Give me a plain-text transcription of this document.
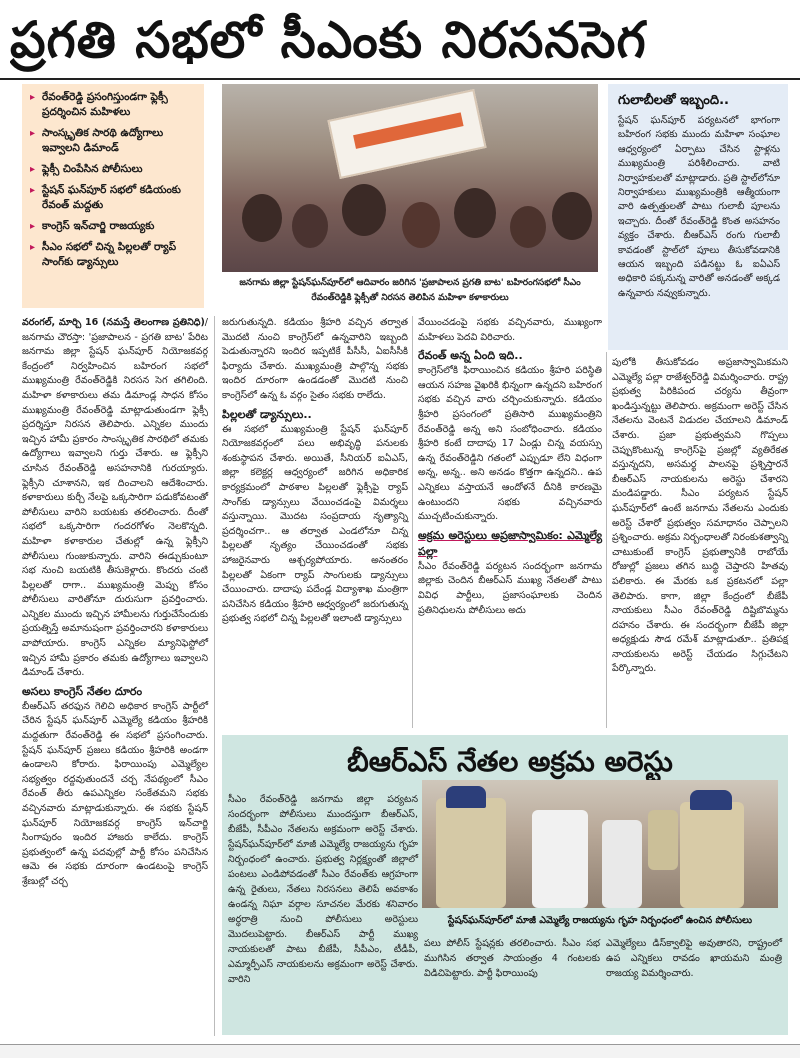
ప్రగతి సభలో సీఎంకు నిరసనసెగ
▸ రేవంత్‌రెడ్డి ప్రసంగిస్తుండగా ఫ్లెక్సీ ప్రదర్శించిన మహిళలు
▸ సాంస్కృతిక సారథి ఉద్యోగాలు ఇవ్వాలని డిమాండ్‌
▸ ఫ్లెక్సీ చింపేసిన పోలీసులు
▸ స్టేషన్‌ ఘన్‌పూర్‌ సభలో కడియంకు రేవంత్‌ మద్దతు
▸ కాంగ్రెస్‌ ఇన్‌చార్జి రాజయ్యకు
▸ సీఎం సభలో చిన్న పిల్లలతో ర్యాప్‌ సాంగ్‌కు డ్యాన్సులు
జనగామ జిల్లా స్టేషన్‌ఘన్‌పూర్‌లో ఆదివారం జరిగిన 'ప్రజాపాలన ప్రగతి బాట' బహిరంగసభలో సీఎం రేవంత్‌రెడ్డికి ఫ్లెక్సీతో నిరసన తెలిపిన మహిళా కళాకారులు
గులాబీలతో ఇబ్బంది..
స్టేషన్‌ ఘన్‌పూర్‌ పర్యటనలో భాగంగా బహిరంగ సభకు ముందు మహిళా సంఘాల ఆధ్వర్యంలో ఏర్పాటు చేసిన స్టాళ్లను ముఖ్యమంత్రి పరిశీలించారు. వాటి నిర్వాహకులతో మాట్లాడారు. ప్రతి స్టాల్‌లోనూ నిర్వాహకులు ముఖ్యమంత్రికి ఆత్మీయంగా వారి ఉత్పత్తులతో పాటు గులాబీ పూలను ఇచ్చారు. దీంతో రేవంత్‌రెడ్డి కొంత అసహనం వ్యక్తం చేశారు. బీఆర్‌ఎస్‌ రంగు గులాబీ కావడంతో స్టాల్‌లో పూలు తీసుకోవడానికి ఆయన ఇబ్బంది పడినట్టు ఓ ఐఏఎస్‌ అధికారి పక్కనున్న వారితో అనడంతో అక్కడ ఉన్నవారు నవ్వుకున్నారు.

వరంగల్‌, మార్చి 16 (నమస్తే తెలంగాణ ప్రతినిధి)/జనగామ చౌరస్తా: 'ప్రజాపాలన - ప్రగతి బాట' పేరిట జనగామ జిల్లా స్టేషన్‌ ఘన్‌పూర్‌ నియోజకవర్గ కేంద్రంలో నిర్వహించిన బహిరంగ సభలో ముఖ్యమంత్రి రేవంత్‌రెడ్డికి నిరసన సెగ తగిలింది. మహిళా కళాకారులు తమ డిమాండ్ల సాధన కోసం ముఖ్యమంత్రి రేవంత్‌రెడ్డి మాట్లాడుతుండగా ఫ్లెక్సీ ప్రదర్శిస్తూ నిరసన తెలిపారు. ఎన్నికల ముందు ఇచ్చిన హామీ ప్రకారం సాంస్కృతిక సారథిలో తమకు ఉద్యోగాలు ఇవ్వాలని గుర్తు చేశారు. ఆ ఫ్లెక్సీని చూసిన రేవంత్‌రెడ్డి అసహనానికి గురయ్యారు. ఫ్లెక్సీని చూశానని, ఇక దించాలని ఆదేశించారు. కళాకారులు కుర్చీ నేలపై ఒక్కసారిగా పడుకోవటంతో పోలీసులు వారిని బయటకు తరలించారు. దీంతో సభలో ఒక్కసారిగా గందరగోళం నెలకొన్నది. మహిళా కళాకారుల చేతుల్లో ఉన్న ఫ్లెక్సీని పోలీసులు గుంజుకున్నారు. వారిని ఈడ్చుకుంటూ సభ నుంచి బయటికి తీసుకెళ్లారు. కొందరు చంటి పిల్లలతో రాగా.. ముఖ్యమంత్రి మెప్పు కోసం పోలీసులు వారితోనూ దురుసుగా ప్రవర్తించారు. ఎన్నికల ముందు ఇచ్చిన హామీలను గుర్తుచేసేందుకు ప్రయత్నిస్తే అమానుషంగా ప్రవర్తించారని కళాకారులు వాపోయారు. కాంగ్రెస్‌ ఎన్నికల మ్యానిఫెస్టోలో ఇచ్చిన హామీ ప్రకారం తమకు ఉద్యోగాలు ఇవ్వాలని డిమాండ్‌ చేశారు.

అసలు కాంగ్రెస్‌ నేతల దూరం

బీఆర్‌ఎస్‌ తరఫున గెలిచి అధికార కాంగ్రెస్‌ పార్టీలో చేరిన స్టేషన్‌ ఘన్‌పూర్‌ ఎమ్మెల్యే కడియం శ్రీహరికి మద్దతుగా రేవంత్‌రెడ్డి ఈ సభలో ప్రసంగించారు. స్టేషన్‌ ఘన్‌పూర్‌ ప్రజలు కడియం శ్రీహరికి అండగా ఉండాలని కోరారు. ఫిరాయింపు ఎమ్మెల్యేల సభ్యత్వం రద్దవుతుందనే చర్చ నేపథ్యంలో సీఎం రేవంత్‌ తీరు ఉపఎన్నికల సంకేతమని సభకు వచ్చినవారు మాట్లాడుకున్నారు. ఈ సభకు స్టేషన్‌ ఘన్‌పూర్‌ నియోజకవర్గ కాంగ్రెస్‌ ఇన్‌చార్జి సింగాపురం ఇందిర హాజరు కాలేదు. కాంగ్రెస్‌ ప్రభుత్వంలో ఉన్న పదవుల్లో పార్టీ కోసం పనిచేసిన ఆమె ఈ సభకు దూరంగా ఉండటంపై కాంగ్రెస్‌ శ్రేణుల్లో చర్చ

జరుగుతున్నది. కడియం శ్రీహరి వచ్చిన తర్వాత మొదటి నుంచి కాంగ్రెస్‌లో ఉన్నవారిని ఇబ్బంది పెడుతున్నారని ఇందిర ఇప్పటికే పీసీసీ, ఏఐసీసీకి ఫిర్యాదు చేశారు. ముఖ్యమంత్రి పాల్గొన్న సభకు ఇందిర దూరంగా ఉండడంతో మొదటి నుంచి కాంగ్రెస్‌లో ఉన్న ఓ వర్గం సైతం సభకు రాలేదు.

పిల్లలతో డ్యాన్సులు..

ఈ సభలో ముఖ్యమంత్రి స్టేషన్‌ ఘన్‌పూర్‌ నియోజకవర్గంలో పలు అభివృద్ధి పనులకు శంకుస్థాపన చేశారు. అయితే, సీనియర్‌ ఐఏఎస్‌, జిల్లా కలెక్టర్ల ఆధ్వర్యంలో జరిగిన అధికారిక కార్యక్రమంలో పాఠశాల పిల్లలతో ఫ్లెక్సీపై ర్యాప్‌ సాంగ్‌కు డ్యాన్సులు వేయించడంపై విమర్శలు వస్తున్నాయి. మొదట సంప్రదాయ నృత్యాన్ని ప్రదర్శించగా.. ఆ తర్వాత ఎండలోనూ చిన్న పిల్లలతో నృత్యం చేయించడంతో సభకు హాజరైనవారు ఆశ్చర్యపోయారు. అనంతరం పిల్లలతో ఏకంగా ర్యాప్‌ సాంగులకు డ్యాన్సులు చేయించారు. దాదాపు పదేండ్ల విద్యాశాఖ మంత్రిగా పనిచేసిన కడియం శ్రీహరి ఆధ్వర్యంలో జరుగుతున్న ప్రభుత్వ సభలో చిన్న పిల్లలతో ఇలాంటి డ్యాన్సులు

వేయించడంపై సభకు వచ్చినవారు, ముఖ్యంగా మహిళలు పెదవి విరిచారు.

రేవంత్‌ అన్న ఏంది ఇది..

కాంగ్రెస్‌లోకి ఫిరాయించిన కడియం శ్రీహరి పరిస్థితి ఆయన సహజ వైఖరికి భిన్నంగా ఉన్నదని బహిరంగ సభకు వచ్చిన వారు చర్చించుకున్నారు. కడియం శ్రీహరి ప్రసంగంలో ప్రతిసారి ముఖ్యమంత్రిని రేవంత్‌రెడ్డి అన్న అని సంబోధించారు. కడియం శ్రీహరి కంటే దాదాపు 17 ఏండ్లు చిన్న వయస్సు ఉన్న రేవంత్‌రెడ్డిని గతంలో ఎప్పుడూ లేని విధంగా అన్న, అన్న.. అని అనడం కొత్తగా ఉన్నదని.. ఉప ఎన్నికలు వస్తాయనే ఆందోళనే దీనికి కారణమై ఉంటుందని సభకు వచ్చినవారు ముచ్చటించుకున్నారు.

అక్రమ అరెస్టులు అప్రజాస్వామికం: ఎమ్మెల్యే పల్లా

సీఎం రేవంత్‌రెడ్డి పర్యటన సందర్భంగా జనగామ జిల్లాకు చెందిన బీఆర్‌ఎస్‌ ముఖ్య నేతలతో పాటు వివిధ పార్టీలు, ప్రజాసంఘాలకు చెందిన ప్రతినిధులను పోలీసులు అదు

పులోకి తీసుకోవడం అప్రజాస్వామికమని ఎమ్మెల్యే పల్లా రాజేశ్వర్‌రెడ్డి విమర్శించారు. రాష్ట్ర ప్రభుత్వ పిరికిపంద చర్యను తీవ్రంగా ఖండిస్తున్నట్టు తెలిపారు. అక్రమంగా అరెస్ట్‌ చేసిన నేతలను వెంటనే విడుదల చేయాలని డిమాండ్‌ చేశారు. ప్రజా ప్రభుత్వమని గొప్పలు చెప్పుకొంటున్న కాంగ్రెస్‌పై ప్రజల్లో వ్యతిరేకత వస్తున్నదని, అసమర్థ పాలనపై ప్రశ్నిస్తారనే బీఆర్‌ఎస్‌ నాయకులను అరెస్టు చేశారని మండిపడ్డారు. సీఎం పర్యటన స్టేషన్‌ ఘన్‌పూర్‌లో ఉంటే జనగామ నేతలను ఎందుకు అరెస్ట్‌ చేశారో ప్రభుత్వం సమాధానం చెప్పాలని ప్రశ్నించారు. అక్రమ నిర్బంధాలతో నిరంకుశత్వాన్ని చాటుకుంటే కాంగ్రెస్‌ ప్రభుత్వానికి రాబోయే రోజుల్లో ప్రజలు తగిన బుద్ధి చెప్తారని హితవు పలికారు. ఈ మేరకు ఒక ప్రకటనలో పల్లా తెలిపారు. కాగా, జిల్లా కేంద్రంలో బీజేపీ నాయకులు సీఎం రేవంత్‌రెడ్డి దిష్టిబొమ్మను దహనం చేశారు. ఈ సందర్భంగా బీజేపీ జిల్లా అధ్యక్షుడు సౌడ రమేశ్‌ మాట్లాడుతూ.. ప్రతిపక్ష నాయకులను అరెస్ట్‌ చేయడం సిగ్గుచేటని పేర్కొన్నారు.

బీఆర్‌ఎస్‌ నేతల అక్రమ అరెస్టు
సీఎం రేవంత్‌రెడ్డి జనగామ జిల్లా పర్యటన సందర్భంగా పోలీసులు ముందస్తుగా బీఆర్‌ఎస్‌, బీజేపీ, సీపీఎం నేతలను అక్రమంగా అరెస్ట్‌ చేశారు. స్టేషన్‌ఘన్‌పూర్‌లో మాజీ ఎమ్మెల్యే రాజయ్యను గృహ నిర్బంధంలో ఉంచారు. ప్రభుత్వ నిర్లక్ష్యంతో జిల్లాలో పంటలు ఎండిపోవడంతో సీఎం రేవంత్‌కు ఆగ్రహంగా ఉన్న రైతులు, నేతలు నిరసనలు తెలిపే అవకాశం ఉండన్న నిఘా వర్గాల సూచనల మేరకు శనివారం అర్ధరాత్రి నుంచి పోలీసులు అరెస్టులు మొదలుపెట్టారు. బీఆర్‌ఎస్‌ పార్టీ ముఖ్య నాయకులతో పాటు బీజేపీ, సీపీఎం, టీడీపీ, ఎమ్మార్పీఎస్‌ నాయకులను అక్రమంగా అరెస్ట్‌ చేశారు. వారిని
స్టేషన్‌ఘన్‌పూర్‌లో మాజీ ఎమ్మెల్యే రాజయ్యను గృహ నిర్బంధంలో ఉంచిన పోలీసులు
పలు పోలీస్‌ స్టేషన్లకు తరలించారు. సీఎం సభ ముగిసిన తర్వాత సాయంత్రం 4 గంటలకు విడిచిపెట్టారు. పార్టీ ఫిరాయింపు
ఎమ్మెల్యేలు డిస్‌క్వాలిఫై అవుతారని, రాష్ట్రంలో ఉప ఎన్నికలు రావడం ఖాయమని మంత్రి రాజయ్య విమర్శించారు.
